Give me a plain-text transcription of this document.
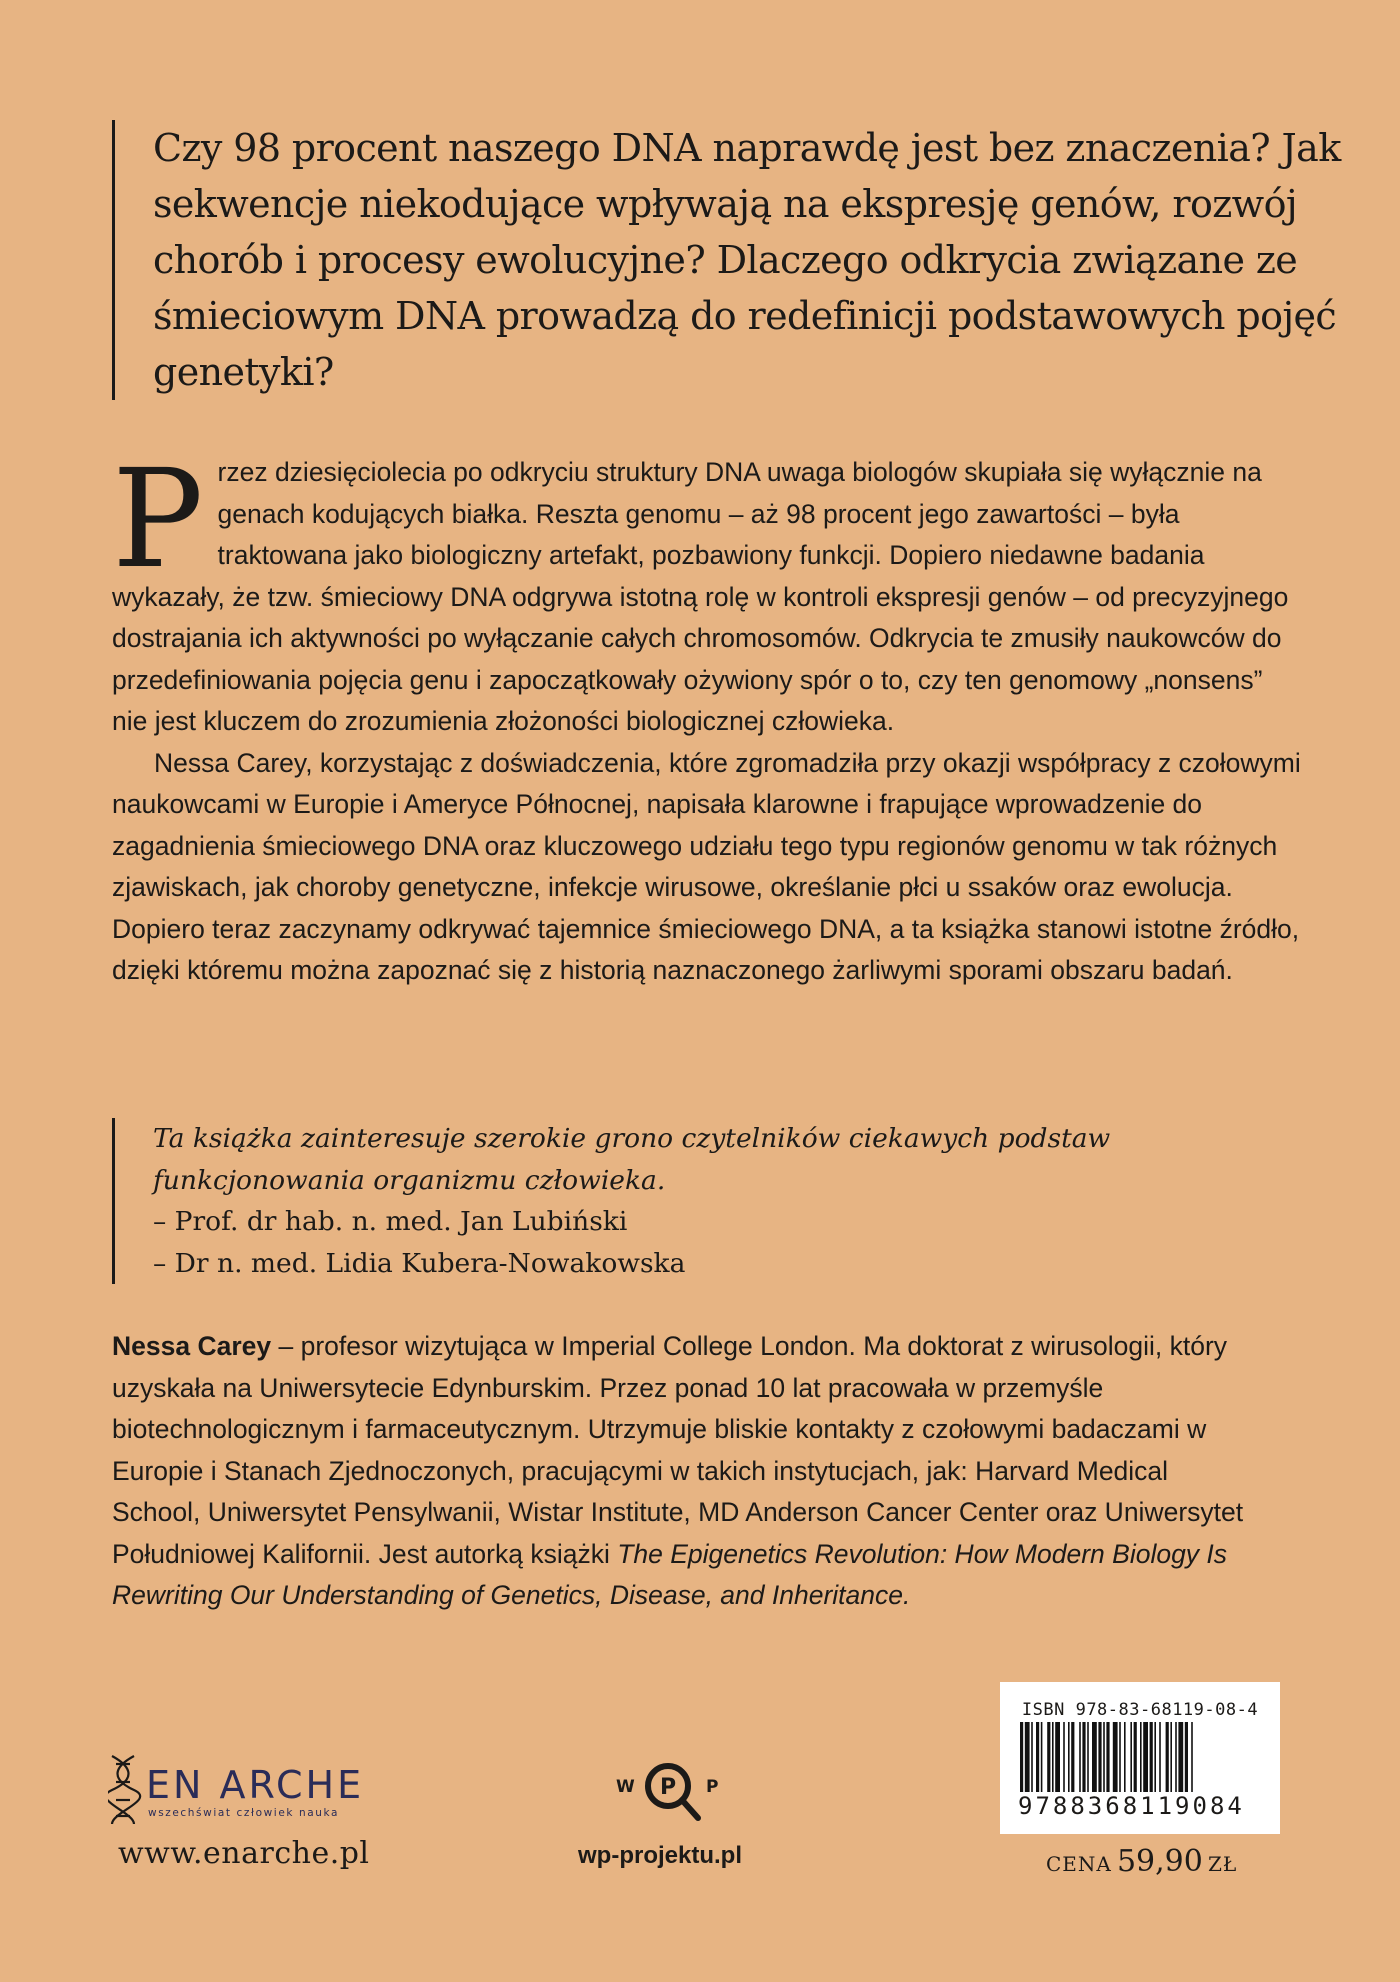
Czy 98 procent naszego DNA naprawdę jest bez znaczenia? Jak sekwencje niekodujące wpływają na ekspresję genów, rozwój chorób i procesy ewolucyjne? Dlaczego odkrycia związane ze śmieciowym DNA prowadzą do redefinicji podstawowych pojęć genetyki?

Przez dziesięciolecia po odkryciu struktury DNA uwaga biologów skupiała się wyłącznie na genach kodujących białka. Reszta genomu – aż 98 procent jego zawartości – była traktowana jako biologiczny artefakt, pozbawiony funkcji. Dopiero niedawne badania wykazały, że tzw. śmieciowy DNA odgrywa istotną rolę w kontroli ekspresji genów – od precyzyjnego dostrajania ich aktywności po wyłączanie całych chromosomów. Odkrycia te zmusiły naukowców do przedefiniowania pojęcia genu i zapoczątkowały ożywiony spór o to, czy ten genomowy „nonsens” nie jest kluczem do zrozumienia złożoności biologicznej człowieka.

Nessa Carey, korzystając z doświadczenia, które zgromadziła przy okazji współpracy z czołowymi naukowcami w Europie i Ameryce Północnej, napisała klarowne i frapujące wprowadzenie do zagadnienia śmieciowego DNA oraz kluczowego udziału tego typu regionów genomu w tak różnych zjawiskach, jak choroby genetyczne, infekcje wirusowe, określanie płci u ssaków oraz ewolucja. Dopiero teraz zaczynamy odkrywać tajemnice śmieciowego DNA, a ta książka stanowi istotne źródło, dzięki któremu można zapoznać się z historią naznaczonego żarliwymi sporami obszaru badań.

Ta książka zainteresuje szerokie grono czytelników ciekawych podstaw funkcjonowania organizmu człowieka.

– Prof. dr hab. n. med. Jan Lubiński

– Dr n. med. Lidia Kubera-Nowakowska

Nessa Carey – profesor wizytująca w Imperial College London. Ma doktorat z wirusologii, który uzyskała na Uniwersytecie Edynburskim. Przez ponad 10 lat pracowała w przemyśle biotechnologicznym i farmaceutycznym. Utrzymuje bliskie kontakty z czołowymi badaczami w Europie i Stanach Zjednoczonych, pracującymi w takich instytucjach, jak: Harvard Medical School, Uniwersytet Pensylwanii, Wistar Institute, MD Anderson Cancer Center oraz Uniwersytet Południowej Kalifornii. Jest autorką książki The Epigenetics Revolution: How Modern Biology Is Rewriting Our Understanding of Genetics, Disease, and Inheritance.

EN ARCHE
wszechświat człowiek nauka
www.enarche.pl
W P P
wp-projektu.pl
ISBN 978-83-68119-08-4
9788368119084
CENA 59,90 ZŁ
